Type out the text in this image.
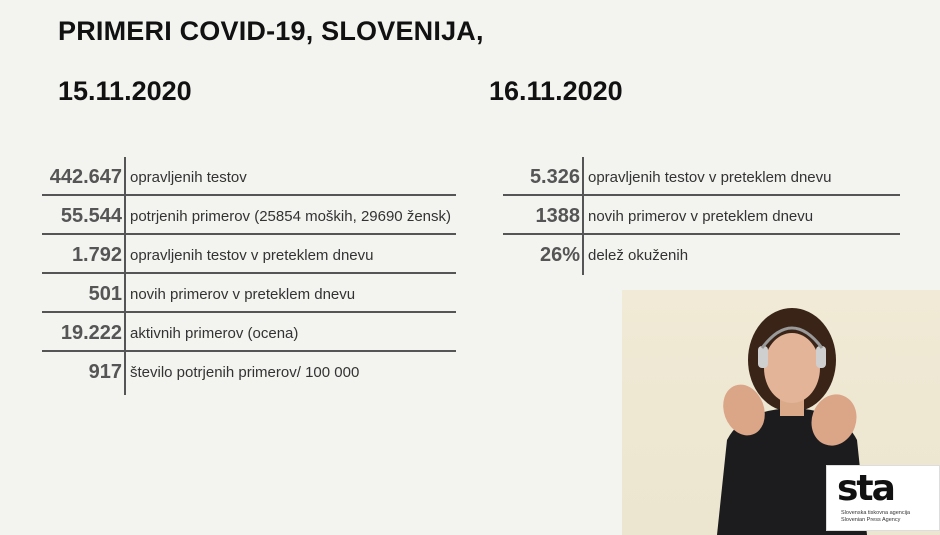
PRIMERI COVID-19, SLOVENIJA,
15.11.2020	16.11.2020
442.647 opravljenih testov
55.544 potrjenih primerov (25854 moških, 29690 žensk)
1.792 opravljenih testov v preteklem dnevu
501 novih primerov v preteklem dnevu
19.222 aktivnih primerov (ocena)
917 število potrjenih primerov/ 100 000
5.326 opravljenih testov v preteklem dnevu
1388 novih primerov v preteklem dnevu
26% delež okuženih
sta
Slovenska tiskovna agencija
Slovenian Press Agency
